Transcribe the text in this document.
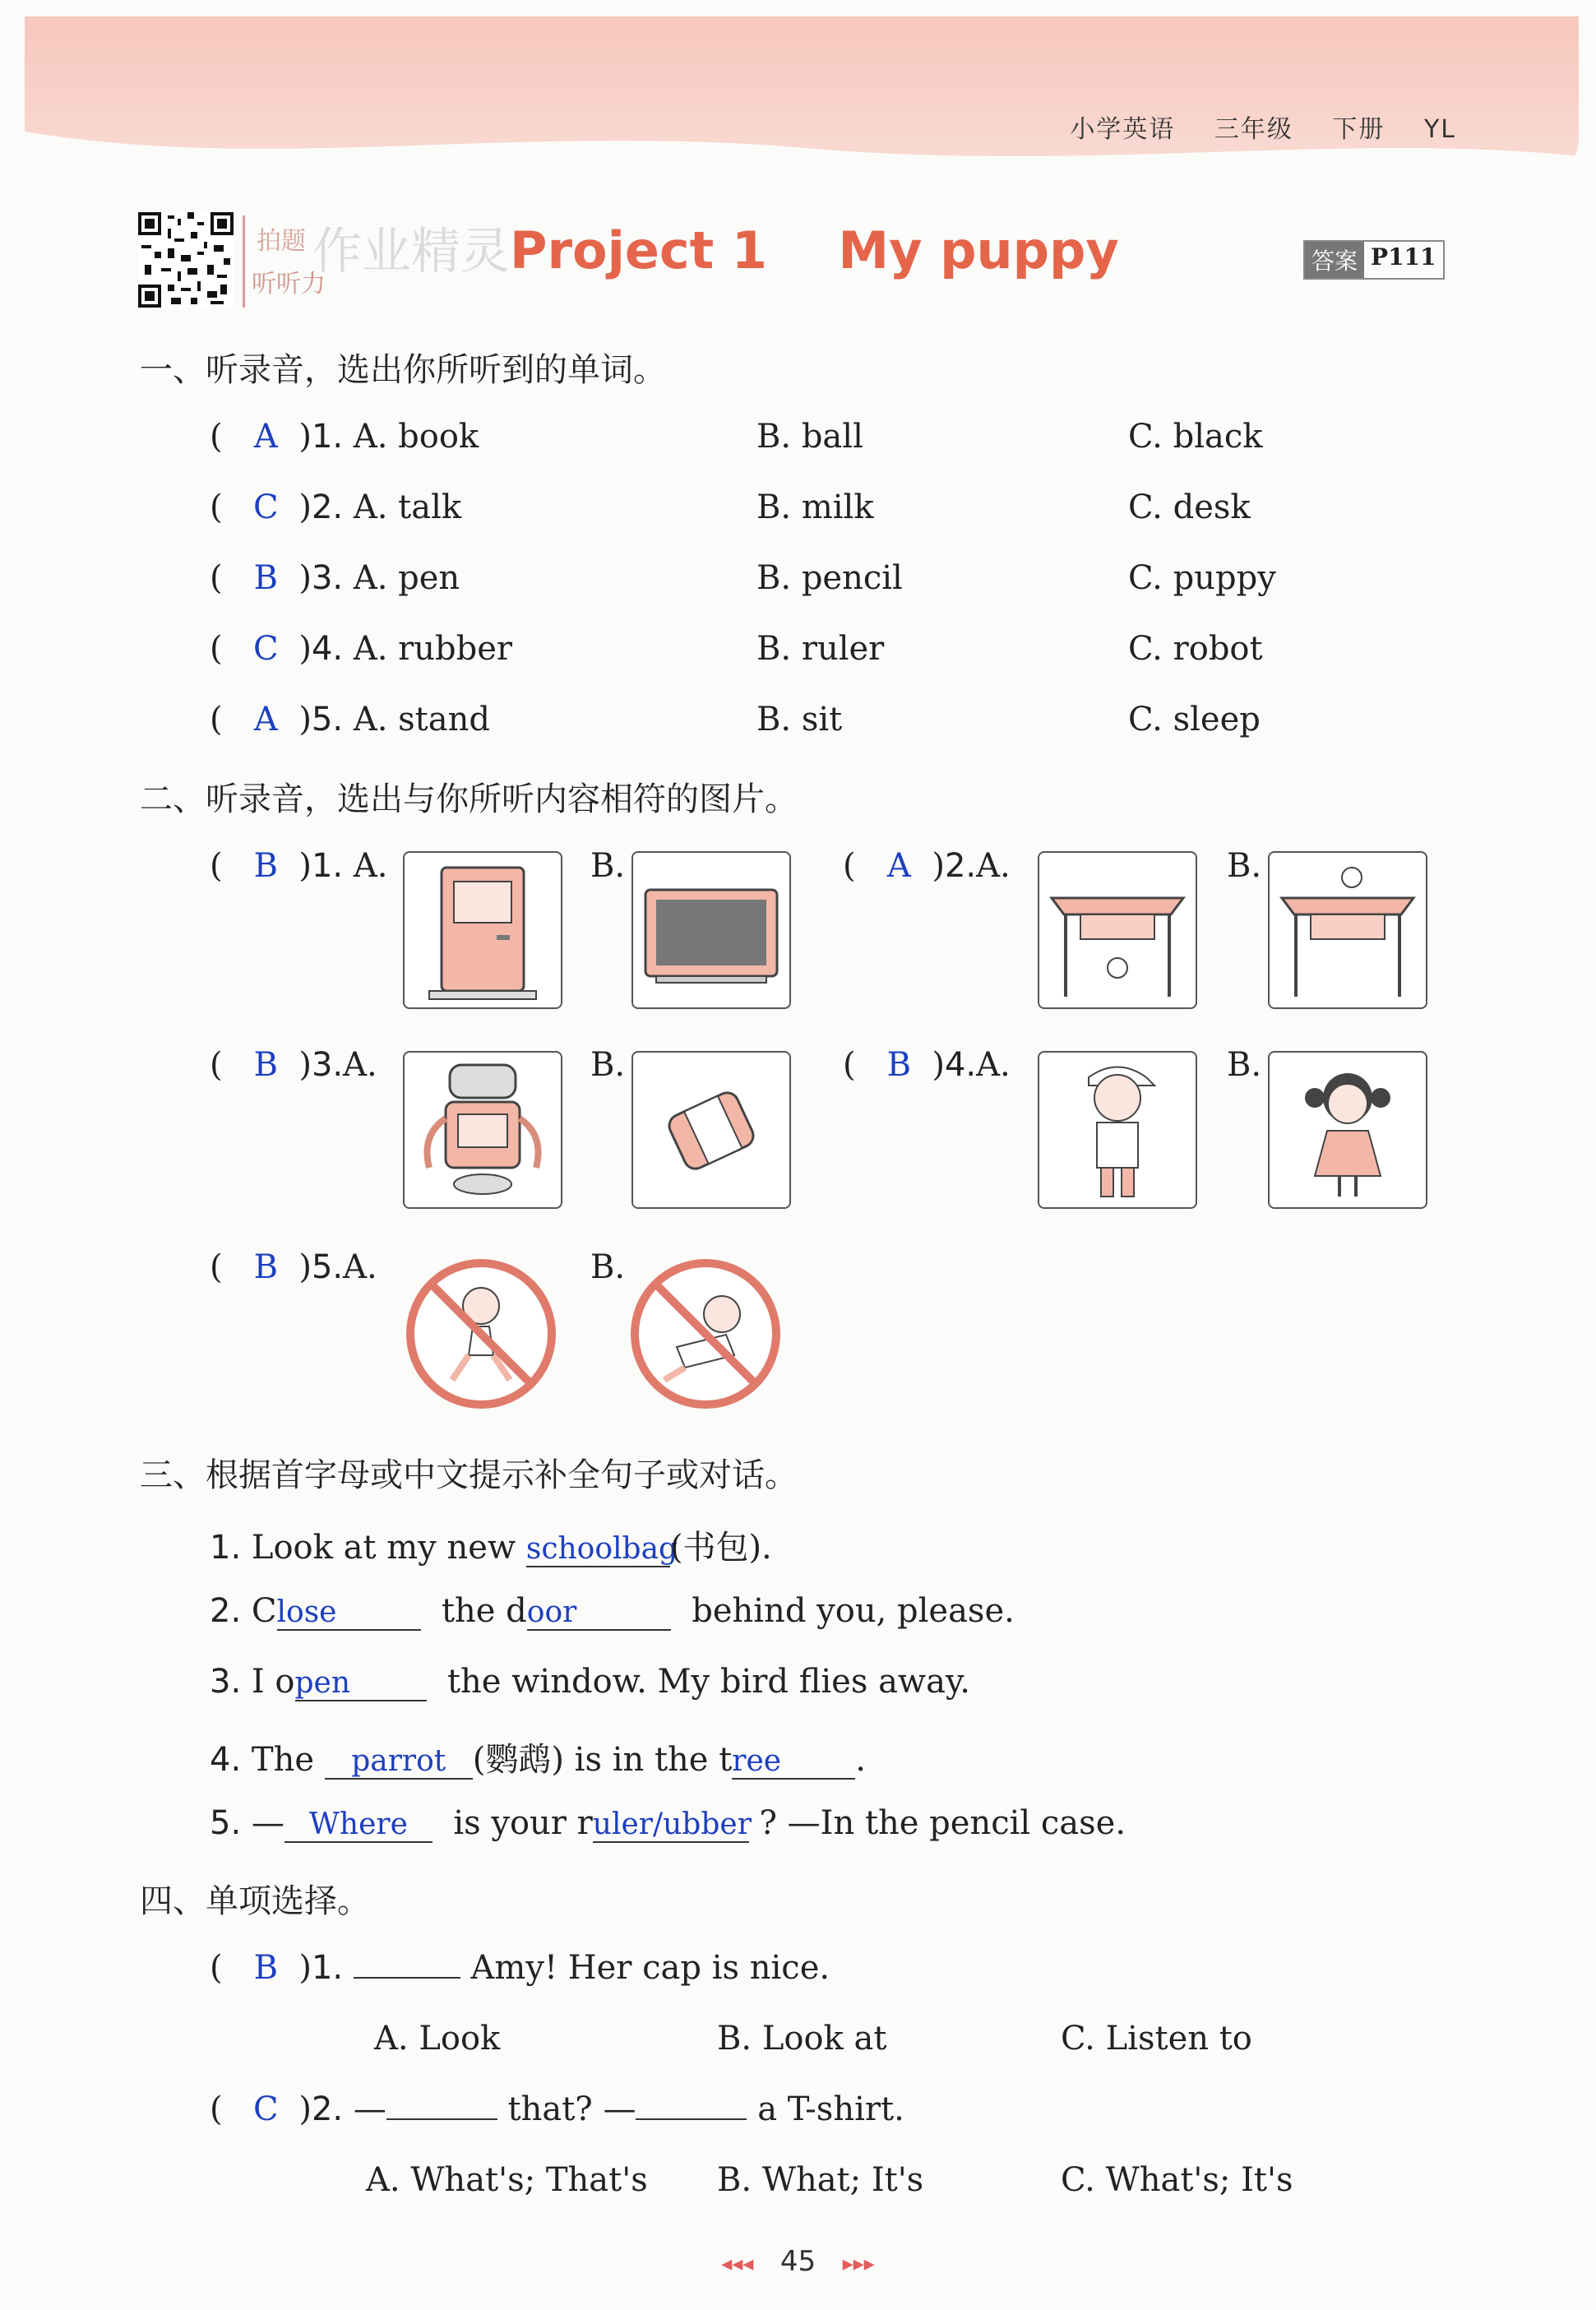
小学英语 三年级 下册 YL
拍题
听听力
作业精灵 Project 1 My puppy	答案 P111
一、听录音，选出你所听到的单词。
( A )1. A. book	B. ball	C. black
( C )2. A. talk	B. milk	C. desk
( B )3. A. pen	B. pencil	C. puppy
( C )4. A. rubber	B. ruler	C. robot
( A )5. A. stand	B. sit	C. sleep
二、听录音，选出与你所听内容相符的图片。
( B )1. A.	B.	( A )2.A.	B.
( B )3.A.	B.	( B )4.A.	B.
( B )5.A.	B.
三、根据首字母或中文提示补全句子或对话。
1. Look at my new schoolbag(书包).
2. Close	the door	behind you, please.
3. I open	the window. My bird flies away.
4. The parrot (鹦鹉) is in the tree .
5. — Where is your ruler/ubber ? —In the pencil case.
四、单项选择。
( B )1.	Amy! Her cap is nice.
A. Look	B. Look at	C. Listen to
( C )2. —	that? —	a T-shirt.
A. What's; That's B. What; It's	C. What's; It's
◂◂◂ 45 ▸▸▸
